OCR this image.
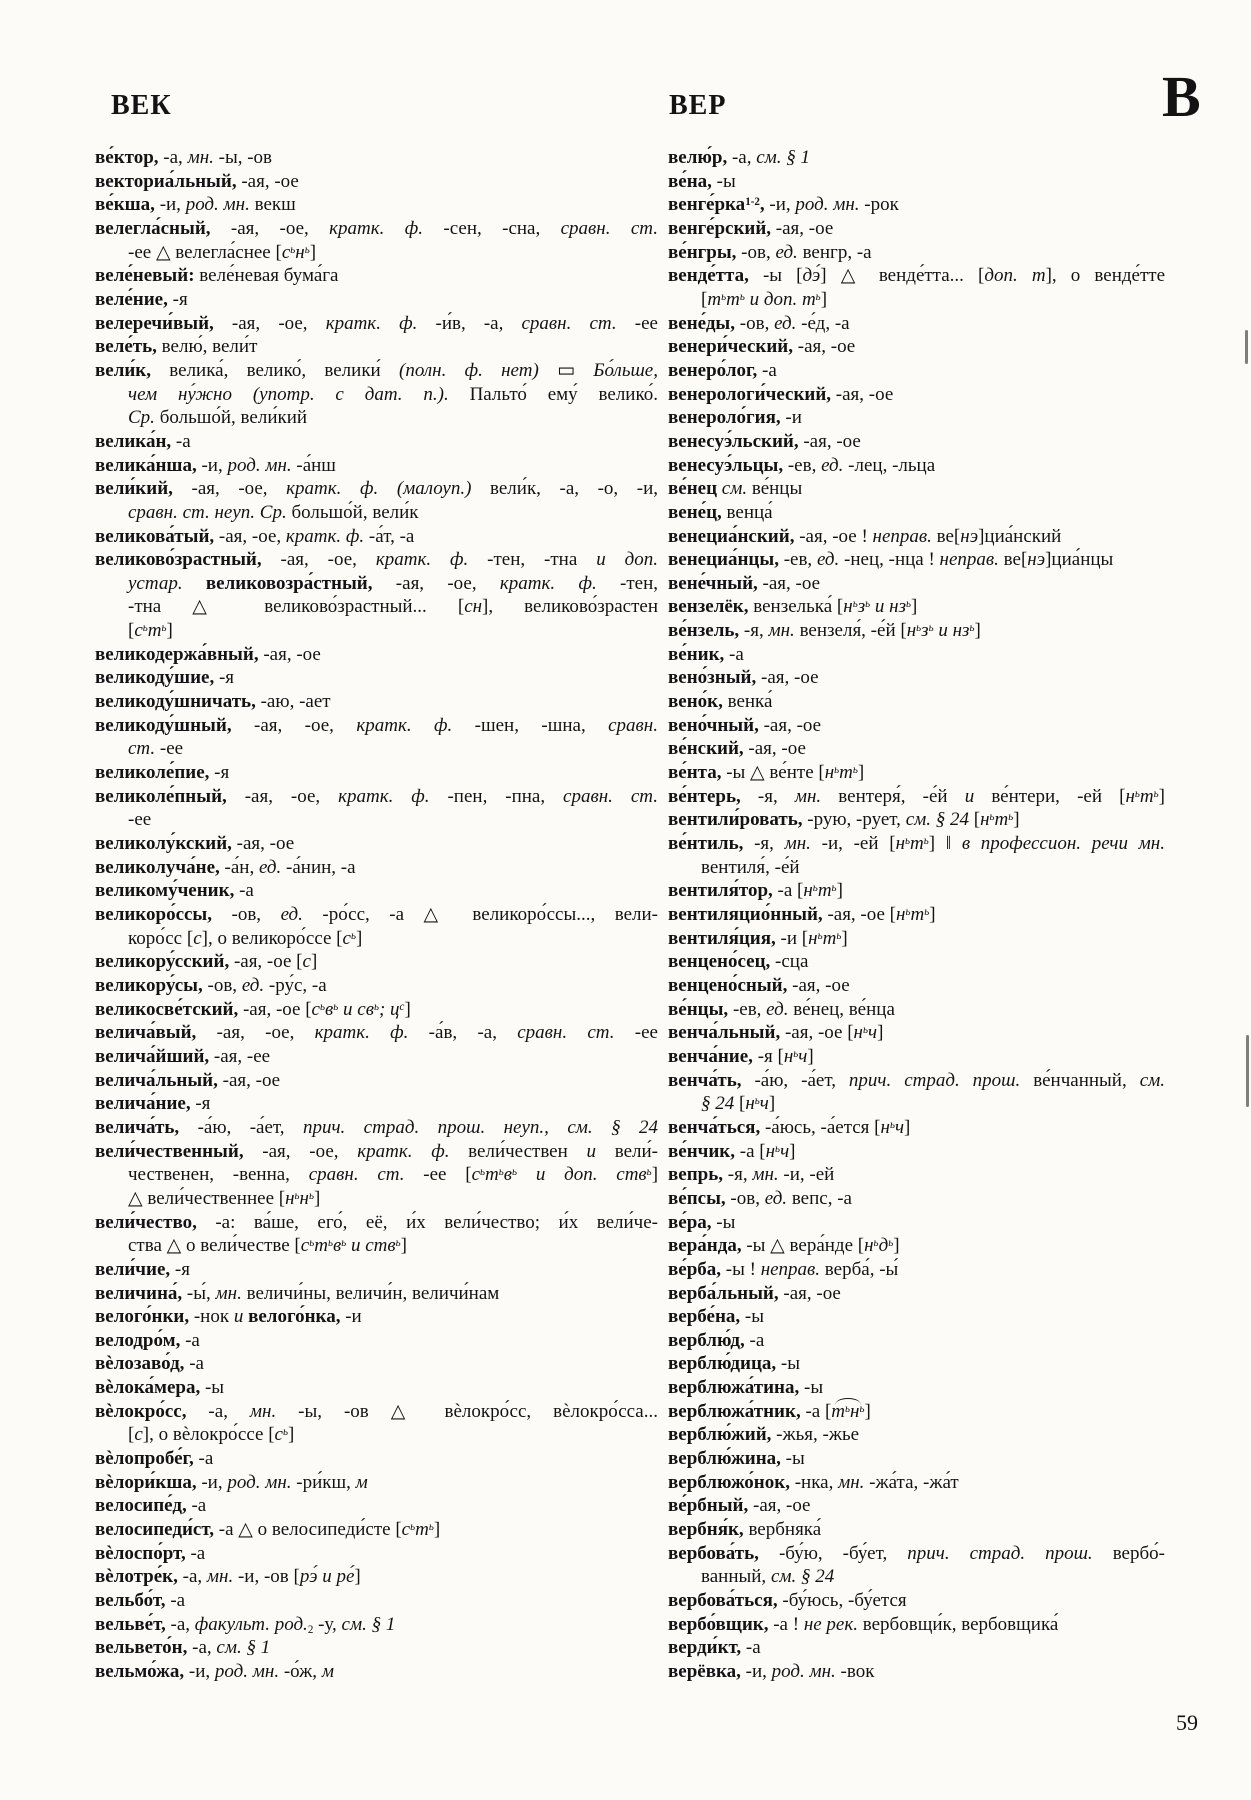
ВЕК	ВЕР	В
ве́ктор, -а, мн. -ы, -ов
векториа́льный, -ая, -ое
ве́кша, -и, род. мн. векш
велегла́сный, -ая, -ое, кратк. ф. -сен, -сна, сравн. ст.
-ее △ велегла́снее $[с^ьн^ь]$
веле́невый: веле́невая бума́га
веле́ние, -я
велеречи́вый, -ая, -ое, кратк. ф. -и́в, -а, сравн. ст. -ее
веле́ть, велю́, вели́т
вели́к, велика́, велико́, велики́ (полн. ф. нет) ▭ Бо́льше,
чем ну́жно (употр. с дат. п.). Пальто́ ему́ велико́.
Ср. большо́й, вели́кий
велика́н, -а
велика́нша, -и, род. мн. -а́нш
вели́кий, -ая, -ое, кратк. ф. (малоуп.) вели́к, -а, -о, -и,
сравн. ст. неуп. Ср. большо́й, вели́к
великова́тый, -ая, -ое, кратк. ф. -а́т, -а
великово́зрастный, -ая, -ое, кратк. ф. -тен, -тна и доп.
устар. великовозра́стный, -ая, -ое, кратк. ф. -тен,
-тна △ великово́зрастный... [сн], великово́зрастен
$[с^ьт^ь]$
великодержа́вный, -ая, -ое
великоду́шие, -я
великоду́шничать, -аю, -ает
великоду́шный, -ая, -ое, кратк. ф. -шен, -шна, сравн.
ст. -ее
великоле́пие, -я
великоле́пный, -ая, -ое, кратк. ф. -пен, -пна, сравн. ст.
-ее
великолу́кский, -ая, -ое
великолуча́не, -а́н, ед. -а́нин, -а
великому́ченик, -а
великоро́ссы, -ов, ед. -ро́сс, -а △ великоро́ссы..., вели-
коро́сс [с], о великоро́ссе $[с^ь]$
великору́сский, -ая, -ое [с]
великору́сы, -ов, ед. -ру́с, -а
великосве́тский, -ая, -ое [$с^ьв^ь$ и $св^ь$; $ц^с$]
велича́вый, -ая, -ое, кратк. ф. -а́в, -а, сравн. ст. -ее
велича́йший, -ая, -ее
велича́льный, -ая, -ое
велича́ние, -я
велича́ть, -а́ю, -а́ет, прич. страд. прош. неуп., см. § 24
вели́чественный, -ая, -ое, кратк. ф. вели́чествен и вели́-
чественен, -венна, сравн. ст. -ее [$с^ьт^ьв^ь$ и доп. ств$^ь$]
△ вели́чественнее $[н^ьн^ь]$
вели́чество, -а: ва́ше, его́, её, и́х вели́чество; и́х вели́че-
ства △ о вели́честве [$с^ьт^ьв^ь$ и ств$^ь$]
вели́чие, -я
величина́, -ы́, мн. величи́ны, величи́н, величи́нам
велого́нки, -нок и велого́нка, -и
велодро́м, -а
вѐлозаво́д, -а
вѐлока́мера, -ы
вѐлокро́сс, -а, мн. -ы, -ов △ вѐлокро́сс, вѐлокро́сса...
[с], о вѐлокро́ссе $[с^ь]$
вѐлопробе́г, -а
вѐлори́кша, -и, род. мн. -ри́кш, м
велосипе́д, -а
велосипеди́ст, -а △ о велосипеди́сте $[с^ьт^ь]$
вѐлоспо́рт, -а
вѐлотре́к, -а, мн. -и, -ов [рэ́ и ре́]
вельбо́т, -а
вельве́т, -а, факульт. $род._2$ -у, см. § 1
вельвето́н, -а, см. § 1
вельмо́жа, -и, род. мн. -о́ж, м
велю́р, -а, см. § 1
ве́на, -ы
венге́рка$^{1-2}$, -и, род. мн. -рок
венге́рский, -ая, -ое
ве́нгры, -ов, ед. венгр, -а
венде́тта, -ы [дэ́] △ венде́тта... [доп. т], о венде́тте
[$т^ьт^ь$ и доп. $т^ь$]
вене́ды, -ов, ед. -е́д, -а
венери́ческий, -ая, -ое
венеро́лог, -а
венерологи́ческий, -ая, -ое
венероло́гия, -и
венесуэ́льский, -ая, -ое
венесуэ́льцы, -ев, ед. -лец, -льца
ве́нец см. ве́нцы
вене́ц, венца́
венециа́нский, -ая, -ое ! неправ. ве[нэ]циа́нский
венециа́нцы, -ев, ед. -нец, -нца ! неправ. ве[нэ]циа́нцы
вене́чный, -ая, -ое
вензелёк, вензелька́ [$н^ьз^ь$ и $нз^ь$]
ве́нзель, -я, мн. вензеля́, -е́й [$н^ьз^ь$ и $нз^ь$]
ве́ник, -а
вено́зный, -ая, -ое
вено́к, венка́
вено́чный, -ая, -ое
ве́нский, -ая, -ое
ве́нта, -ы △ ве́нте $[н^ьт^ь]$
ве́нтерь, -я, мн. вентеря́, -е́й и ве́нтери, -ей $[н^ьт^ь]$
вентили́ровать, -рую, -рует, см. § 24 $[н^ьт^ь]$
ве́нтиль, -я, мн. -и, -ей $[н^ьт^ь]$ ‖ в профессион. речи мн.
вентиля́, -е́й
вентиля́тор, -а $[н^ьт^ь]$
вентиляцио́нный, -ая, -ое $[н^ьт^ь]$
вентиля́ция, -и $[н^ьт^ь]$
венцено́сец, -сца
венцено́сный, -ая, -ое
ве́нцы, -ев, ед. ве́нец, ве́нца
венча́льный, -ая, -ое $[н^ьч]$
венча́ние, -я $[н^ьч]$
венча́ть, -а́ю, -а́ет, прич. страд. прош. ве́нчанный, см.
§ 24 $[н^ьч]$
венча́ться, -а́юсь, -а́ется $[н^ьч]$
ве́нчик, -а $[н^ьч]$
вепрь, -я, мн. -и, -ей
ве́псы, -ов, ед. вепс, -а
ве́ра, -ы
вера́нда, -ы △ вера́нде $[н^ьд^ь]$
ве́рба, -ы ! неправ. верба́, -ы́
верба́льный, -ая, -ое
вербе́на, -ы
верблю́д, -а
верблю́дица, -ы
верблюжа́тина, -ы
верблюжа́тник, -а $[т^ьн^ь]$
верблю́жий, -жья, -жье
верблю́жина, -ы
верблюжо́нок, -нка, мн. -жа́та, -жа́т
ве́рбный, -ая, -ое
вербня́к, вербняка́
вербова́ть, -бу́ю, -бу́ет, прич. страд. прош. вербо́-
ванный, см. § 24
вербова́ться, -бу́юсь, -бу́ется
вербо́вщик, -а ! не рек. вербовщи́к, вербовщика́
верди́кт, -а
верёвка, -и, род. мн. -вок
59
